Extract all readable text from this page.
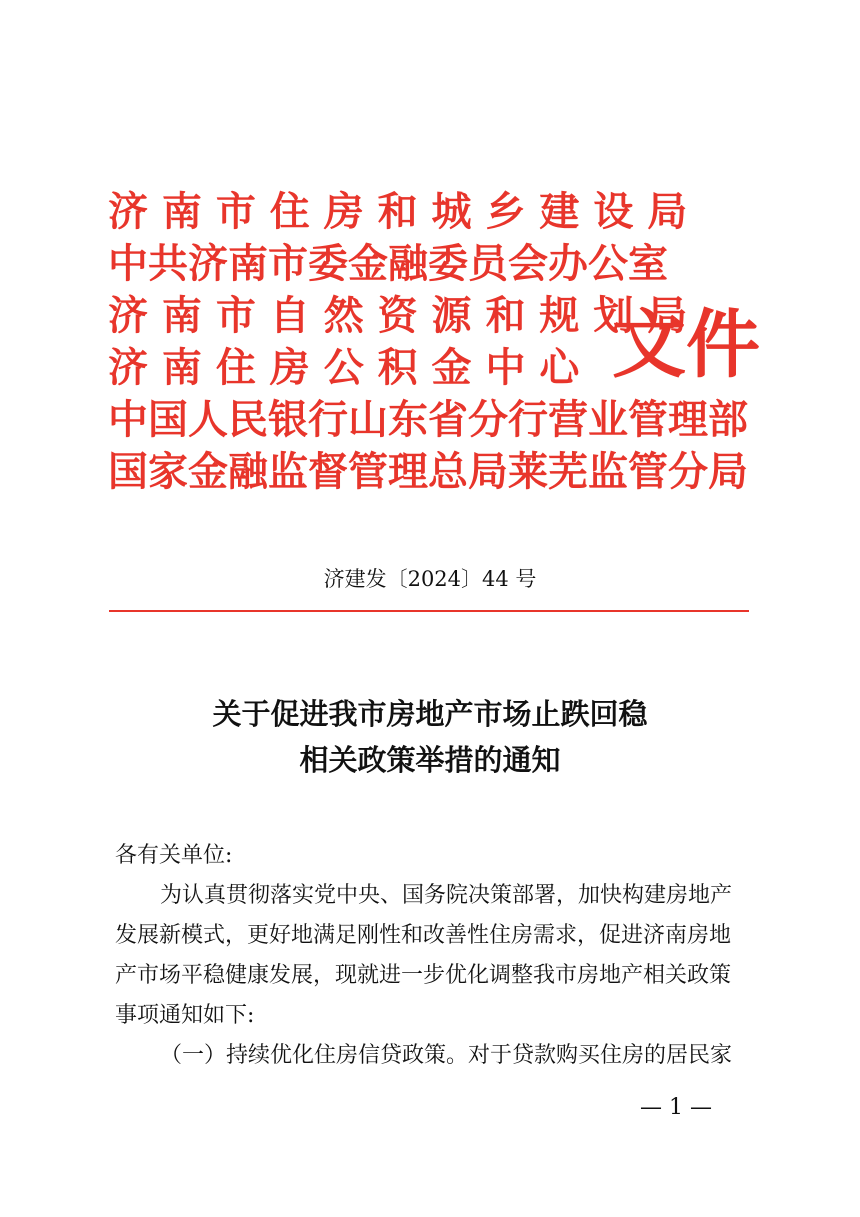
济 南 市 住 房 和 城 乡 建 设 局
中共济南市委金融委员会办公室
济 南 市 自 然 资 源 和 规 划 局
济 南 住 房 公 积 金 中 心
中国人民银行山东省分行营业管理部
国家金融监督管理总局莱芜监管分局
文件
济建发〔2024〕44 号
关于促进我市房地产市场止跌回稳
相关政策举措的通知
各有关单位:
为认真贯彻落实党中央、国务院决策部署，加快构建房地产
发展新模式，更好地满足刚性和改善性住房需求，促进济南房地
产市场平稳健康发展，现就进一步优化调整我市房地产相关政策
事项通知如下:
（一）持续优化住房信贷政策。对于贷款购买住房的居民家
— 1 —
